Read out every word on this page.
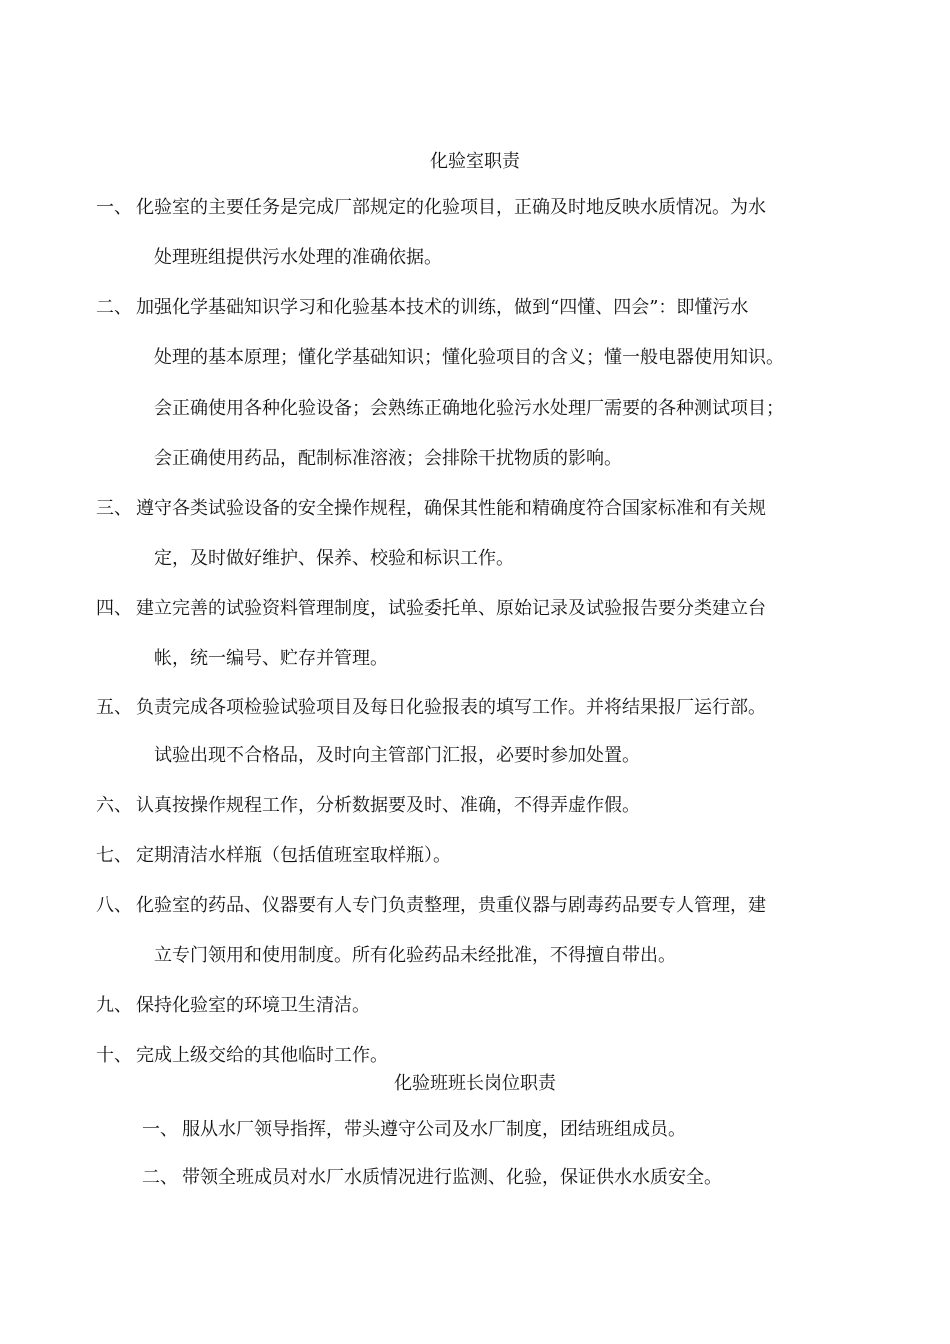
化验室职责
一、 化验室的主要任务是完成厂部规定的化验项目，正确及时地反映水质情况。为水
处理班组提供污水处理的准确依据。
二、 加强化学基础知识学习和化验基本技术的训练，做到“四懂、四会”：即懂污水
处理的基本原理；懂化学基础知识；懂化验项目的含义；懂一般电器使用知识。
会正确使用各种化验设备；会熟练正确地化验污水处理厂需要的各种测试项目；
会正确使用药品，配制标准溶液；会排除干扰物质的影响。
三、 遵守各类试验设备的安全操作规程，确保其性能和精确度符合国家标准和有关规
定，及时做好维护、保养、校验和标识工作。
四、 建立完善的试验资料管理制度，试验委托单、原始记录及试验报告要分类建立台
帐，统一编号、贮存并管理。
五、 负责完成各项检验试验项目及每日化验报表的填写工作。并将结果报厂运行部。
试验出现不合格品，及时向主管部门汇报，必要时参加处置。
六、 认真按操作规程工作，分析数据要及时、准确，不得弄虚作假。
七、 定期清洁水样瓶（包括值班室取样瓶）。
八、 化验室的药品、仪器要有人专门负责整理，贵重仪器与剧毒药品要专人管理，建
立专门领用和使用制度。所有化验药品未经批准，不得擅自带出。
九、 保持化验室的环境卫生清洁。
十、 完成上级交给的其他临时工作。
化验班班长岗位职责
一、 服从水厂领导指挥，带头遵守公司及水厂制度，团结班组成员。
二、 带领全班成员对水厂水质情况进行监测、化验，保证供水水质安全。
